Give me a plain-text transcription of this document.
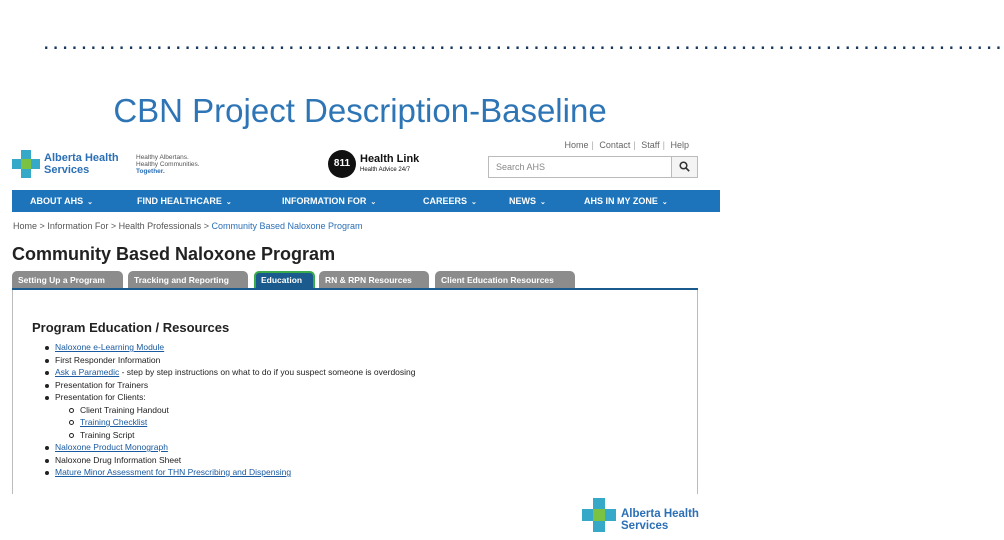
......................................................................................................
CBN Project Description-Baseline
Home | Contact | Staff | Help
Alberta Health
Services
Healthy Albertans.
Healthy Communities.
Together.
811 Health Link
Health Advice 24/7
Search AHS
ABOUT AHS ⌄	FIND HEALTHCARE ⌄	INFORMATION FOR ⌄	CAREERS ⌄	NEWS ⌄	AHS IN MY ZONE ⌄
Home > Information For > Health Professionals > Community Based Naloxone Program
Community Based Naloxone Program
Setting Up a Program	Tracking and Reporting	Education	RN & RPN Resources	Client Education Resources
Program Education / Resources
Naloxone e-Learning Module
First Responder Information
Ask a Paramedic - step by step instructions on what to do if you suspect someone is overdosing
Presentation for Trainers
Presentation for Clients:
Client Training Handout
Training Checklist
Training Script
Naloxone Product Monograph
Naloxone Drug Information Sheet
Mature Minor Assessment for THN Prescribing and Dispensing
Alberta Health
Services
